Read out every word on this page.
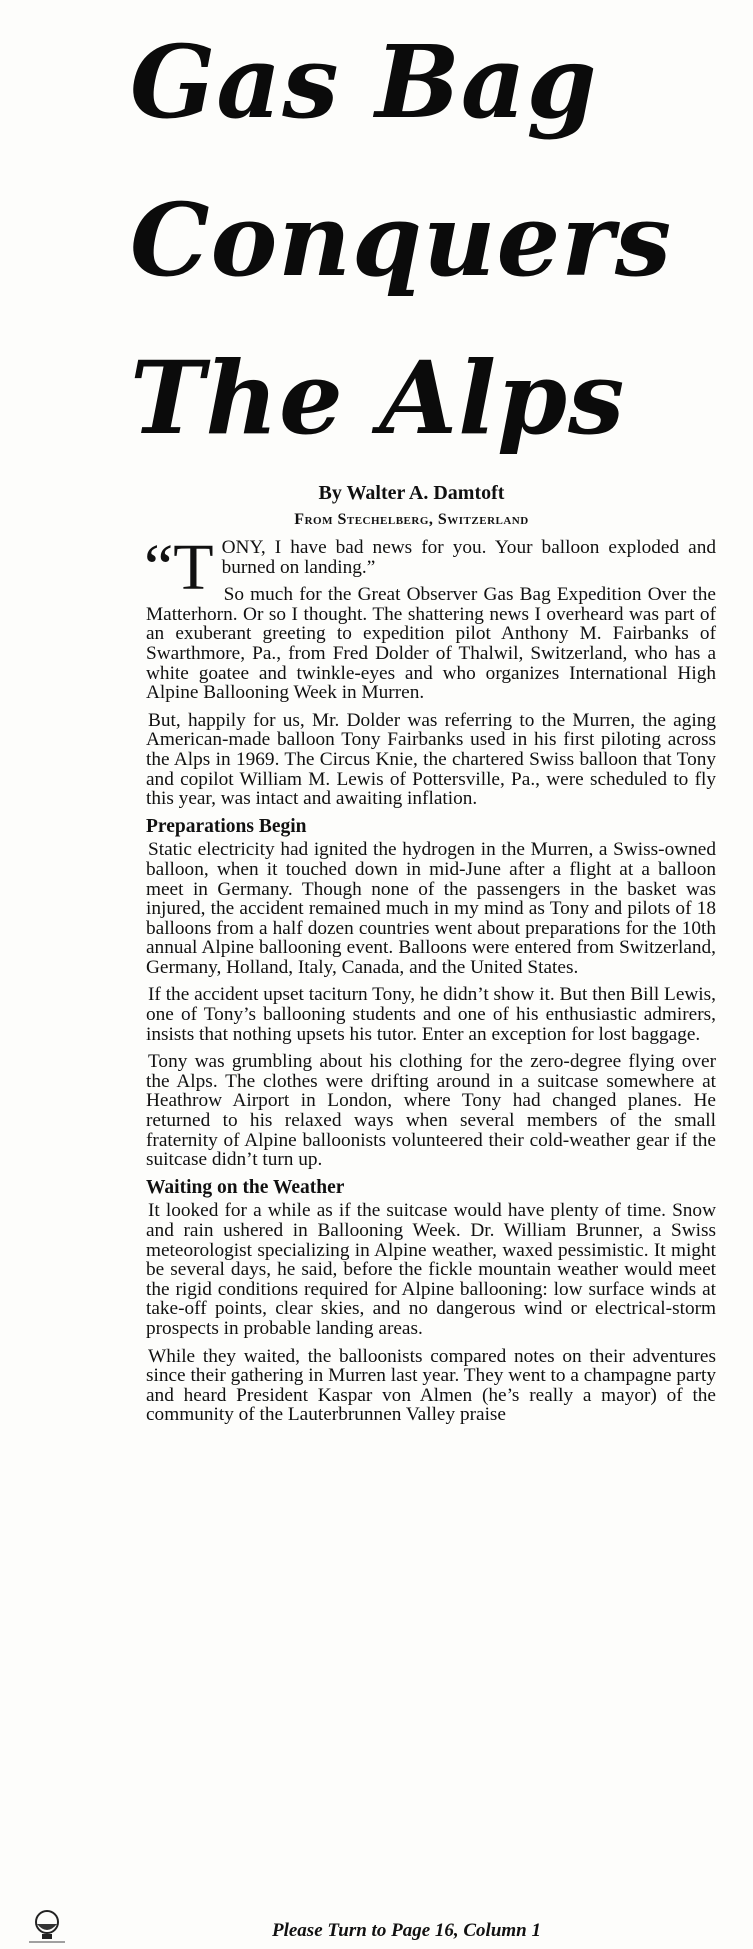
Gas Bag
Conquers
The Alps
By Walter A. Damtoft
From Stechelberg, Switzerland

“TONY, I have bad news for you. Your balloon exploded and burned on landing.”

So much for the Great Observer Gas Bag Expedition Over the Matterhorn. Or so I thought. The shattering news I overheard was part of an exuberant greeting to expedition pilot Anthony M. Fairbanks of Swarthmore, Pa., from Fred Dolder of Thalwil, Switzerland, who has a white goatee and twinkle-eyes and who organizes International High Alpine Ballooning Week in Murren.

But, happily for us, Mr. Dolder was referring to the Murren, the aging American-made balloon Tony Fairbanks used in his first piloting across the Alps in 1969. The Circus Knie, the chartered Swiss balloon that Tony and copilot William M. Lewis of Pottersville, Pa., were scheduled to fly this year, was intact and awaiting inflation.

Preparations Begin

Static electricity had ignited the hydrogen in the Murren, a Swiss-owned balloon, when it touched down in mid-June after a flight at a balloon meet in Germany. Though none of the passengers in the basket was injured, the accident remained much in my mind as Tony and pilots of 18 balloons from a half dozen countries went about preparations for the 10th annual Alpine ballooning event. Balloons were entered from Switzerland, Germany, Holland, Italy, Canada, and the United States.

If the accident upset taciturn Tony, he didn’t show it. But then Bill Lewis, one of Tony’s ballooning students and one of his enthusiastic admirers, insists that nothing upsets his tutor. Enter an exception for lost baggage.

Tony was grumbling about his clothing for the zero-degree flying over the Alps. The clothes were drifting around in a suitcase somewhere at Heathrow Airport in London, where Tony had changed planes. He returned to his relaxed ways when several members of the small fraternity of Alpine balloonists volunteered their cold-weather gear if the suitcase didn’t turn up.

Waiting on the Weather

It looked for a while as if the suitcase would have plenty of time. Snow and rain ushered in Ballooning Week. Dr. William Brunner, a Swiss meteorologist specializing in Alpine weather, waxed pessimistic. It might be several days, he said, before the fickle mountain weather would meet the rigid conditions required for Alpine ballooning: low surface winds at take-off points, clear skies, and no dangerous wind or electrical-storm prospects in probable landing areas.

While they waited, the balloonists compared notes on their adventures since their gathering in Murren last year. They went to a champagne party and heard President Kaspar von Almen (he’s really a mayor) of the community of the Lauterbrunnen Valley praise

Please Turn to Page 16, Column 1
